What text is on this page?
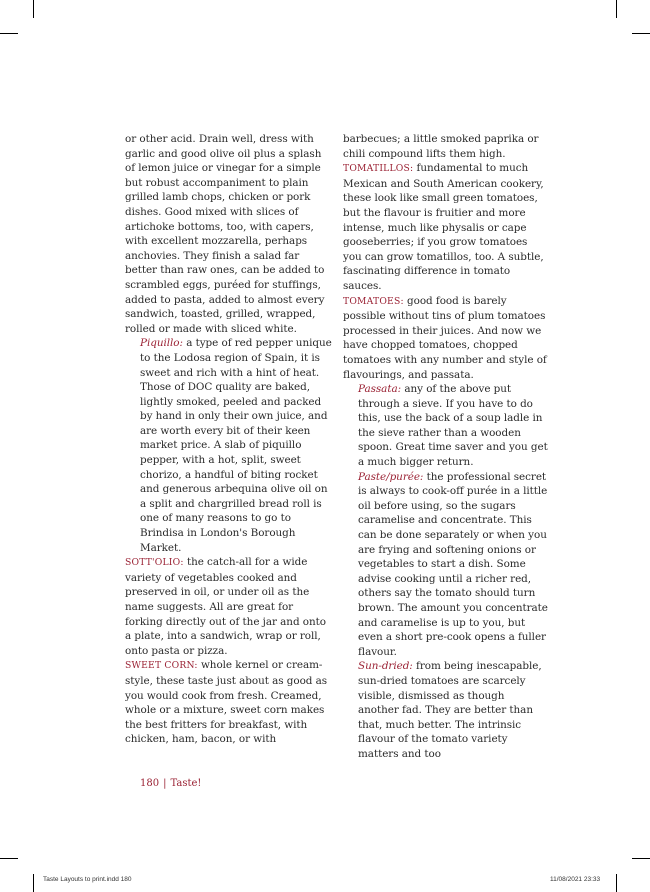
or other acid. Drain well, dress with garlic and good olive oil plus a splash of lemon juice or vinegar for a simple but robust accompaniment to plain grilled lamb chops, chicken or pork dishes. Good mixed with slices of artichoke bottoms, too, with capers, with excellent mozzarella, perhaps anchovies. They finish a salad far better than raw ones, can be added to scrambled eggs, puréed for stuffings, added to pasta, added to almost every sandwich, toasted, grilled, wrapped, rolled or made with sliced white.

Piquillo: a type of red pepper unique to the Lodosa region of Spain, it is sweet and rich with a hint of heat. Those of DOC quality are baked, lightly smoked, peeled and packed by hand in only their own juice, and are worth every bit of their keen market price. A slab of piquillo pepper, with a hot, split, sweet chorizo, a handful of biting rocket and generous arbequina olive oil on a split and chargrilled bread roll is one of many reasons to go to Brindisa in London's Borough Market.

SOTT'OLIO: the catch-all for a wide variety of vegetables cooked and preserved in oil, or under oil as the name suggests. All are great for forking directly out of the jar and onto a plate, into a sandwich, wrap or roll, onto pasta or pizza.

SWEET CORN: whole kernel or cream-style, these taste just about as good as you would cook from fresh. Creamed, whole or a mixture, sweet corn makes the best fritters for breakfast, with chicken, ham, bacon, or with

barbecues; a little smoked paprika or chili compound lifts them high.

TOMATILLOS: fundamental to much Mexican and South American cookery, these look like small green tomatoes, but the flavour is fruitier and more intense, much like physalis or cape gooseberries; if you grow tomatoes you can grow tomatillos, too. A subtle, fascinating difference in tomato sauces.

TOMATOES: good food is barely possible without tins of plum tomatoes processed in their juices. And now we have chopped tomatoes, chopped tomatoes with any number and style of flavourings, and passata.

Passata: any of the above put through a sieve. If you have to do this, use the back of a soup ladle in the sieve rather than a wooden spoon. Great time saver and you get a much bigger return.

Paste/purée: the professional secret is always to cook-off purée in a little oil before using, so the sugars caramelise and concentrate. This can be done separately or when you are frying and softening onions or vegetables to start a dish. Some advise cooking until a richer red, others say the tomato should turn brown. The amount you concentrate and caramelise is up to you, but even a short pre-cook opens a fuller flavour.

Sun-dried: from being inescapable, sun-dried tomatoes are scarcely visible, dismissed as though another fad. They are better than that, much better. The intrinsic flavour of the tomato variety matters and too

180 | Taste!
Taste Layouts to print.indd 180	11/08/2021 23:33
